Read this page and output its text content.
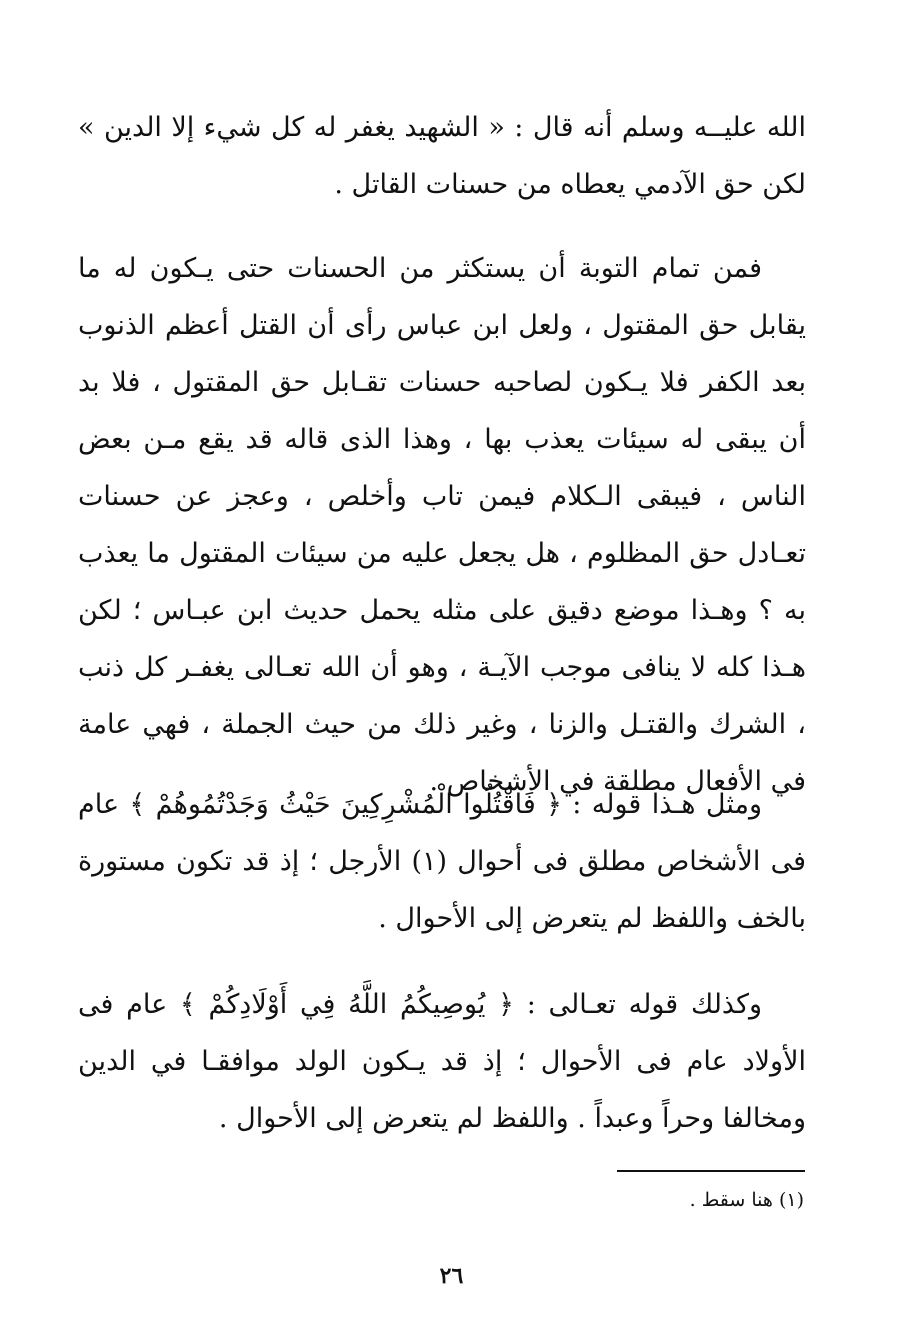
الله عليــه وسلم أنه قال : « الشهيد يغفر له كل شيء إلا الدين » لكن حق الآدمي يعطاه من حسنات القاتل .

فمن تمام التوبة أن يستكثر من الحسنات حتى يـكون له ما يقابل حق المقتول ، ولعل ابن عباس رأى أن القتل أعظم الذنوب بعد الكفر فلا يـكون لصاحبه حسنات تقـابل حق المقتول ، فلا بد أن يبقى له سيئات يعذب بها ، وهذا الذى قاله قد يقع مـن بعض الناس ، فيبقى الـكلام فيمن تاب وأخلص ، وعجز عن حسنات تعـادل حق المظلوم ، هل يجعل عليه من سيئات المقتول ما يعذب به ؟ وهـذا موضع دقيق على مثله يحمل حديث ابن عبـاس ؛ لكن هـذا كله لا ينافى موجب الآيـة ، وهو أن الله تعـالى يغفـر كل ذنب ، الشرك والقتـل والزنا ، وغير ذلك من حيث الجملة ، فهي عامة في الأفعال مطلقة في الأشخاص .

ومثل هـذا قوله : ﴿ فَاقْتُلُوا الْمُشْرِكِينَ حَيْثُ وَجَدْتُمُوهُمْ ﴾ عام فى الأشخاص مطلق فى أحوال (١) الأرجل ؛ إذ قد تكون مستورة بالخف واللفظ لم يتعرض إلى الأحوال .

وكذلك قوله تعـالى : ﴿ يُوصِيكُمُ اللَّهُ فِي أَوْلَادِكُمْ ﴾ عام فى الأولاد عام فى الأحوال ؛ إذ قد يـكون الولد موافقـا في الدين ومخالفا وحراً وعبداً . واللفظ لم يتعرض إلى الأحوال .

(١) هنا سقط .
٢٦
